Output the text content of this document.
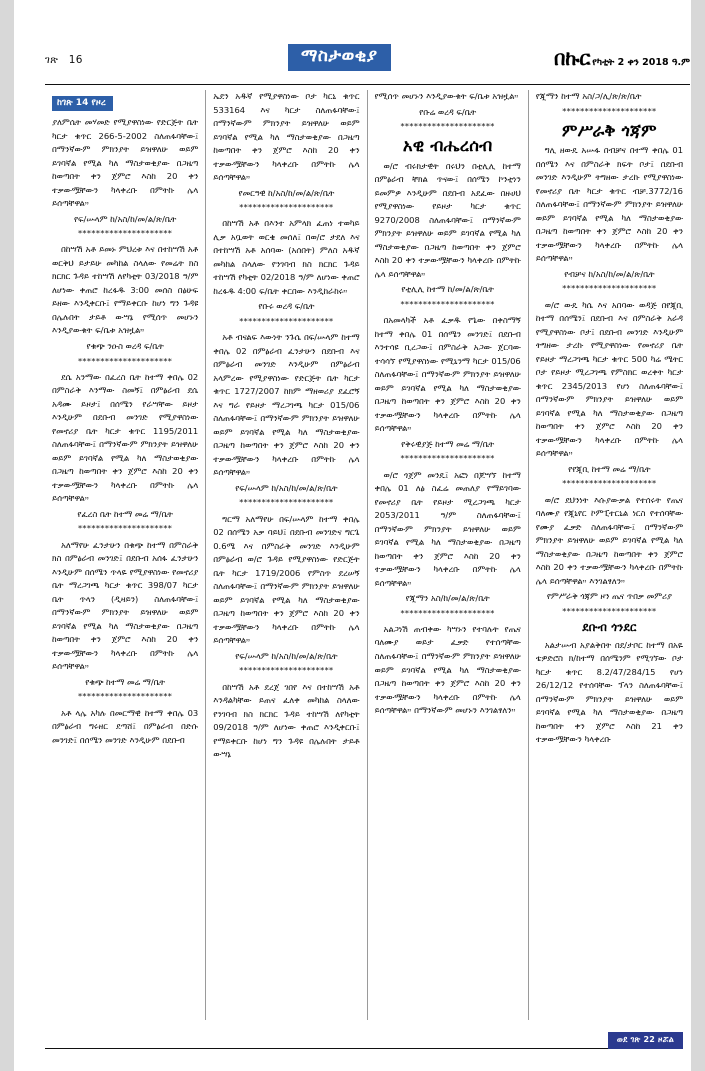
ገጽ 16	ማስታወቂያ	በኩር የካቲት 2 ቀን 2018 ዓ.ም
ከገጽ 14 የዞረ

ያለምሴት መሃመድ የሚያዋስነው የድርጅት ቤት ካርታ ቁጥር 266-5-2002 ስለጠፋባቸው፤ በማንኛውም ምክንያት ይዝዋለሁ ወይም ይገባኛል የሚል ካለ ማስታወቂያው በጋዜጣ ከወጣበት ቀን ጀምሮ እስከ 20 ቀን ተቃውሟቸውን ካላቀረቡ በምትኩ ሌላ ይሰጣቸዋል።

የፍ/ሡላም ከ/አስ/ከ/መ/ል/ጽ/ቤት

*********************

በከሣሽ አቶ ይመኑ ምህረቱ እና በተከሣሽ አቶ ወርቅህ ይታይሁ መካከል ስላለው የመሬት ክስ ክርክር ጉዳይ ተከሣሽ ለየካቲት 03/2018 ዓ/ም ለሆነው ቀጠሮ ከረፋዱ 3:00 መሰስ በፅሁፍ ይዘው እንዲቀርቡ፤ የማይቀርቡ ከሆነ ግን ጉዳዩ በሌሉበት ታይቶ ውሣኔ የሚሰጥ መሆኑን እንዲያውቁት ፍ/ቤቱ አዝዟል።

የቁጭ ንዑስ ወረዳ ፍ/ቤት

*********************

ደሴ አንማው በፈረስ ቤት ከተማ ቀበሌ 02 በምስራቅ እንማው ስመኝ፤ በምፅራብ ደሴ አዳሙ ይዞታ፤ በሰሜን የራሣቸው ይዞታ እንዲሁም በደቡብ መንገድ የሚያዋስነው የመኖሪያ ቤት ካርታ ቁጥር 1195/2011 ስለጠፋባቸው፤ በማንኛውም ምክንያት ይዝዋለሁ ወይም ይገባኛል የሚል ካለ ማስታወቂያው በጋዜጣ ከወጣበት ቀን ጀምሮ እስከ 20 ቀን ተቃውሟቸውን ካላቀረቡ በምትኩ ሌላ ይሰጣቸዋል።

የፈረስ ቤት ከተማ መሬ ማ/ቤት

*********************

አለማየሁ ፈንታሁን በቁጭ ከተማ በምስራቅ ክስ በምፅራብ መንገድ፤ በደቡብ አሰፋ ፈንታሁን እንዲሁም በሰሜን ጥላዬ የሚያዋስነው የመኖሪያ ቤት ማረጋገጫ ካርታ ቁጥር 398/07 ካርታ ቤት ጥላን (ዲዛይን) ስለጠፋባቸው፤ በማንኛውም ምክንያት ይዝዋለሁ ወይም ይገባኛል የሚል ካለ ማስታወቂያው በጋዜጣ ከወጣበት ቀን ጀምሮ እስከ 20 ቀን ተቃውሟቸውን ካላቀረቡ በምትኩ ሌላ ይሰጣቸዋል።

የቁጭ ከተማ መሬ ማ/ቤት

*********************

አቶ ላሌ አካሉ በመርማዊ ከተማ ቀበሌ 03 በምፅራብ ግሩዘር ደጣሸ፤ በምፅራብ በድሱ መንገድ፤ በሰሜን መንገድ እንዲሁም በደቡብ

ኤደን አዱኛ የሚያዋስነው ቦታ ካርኒ ቁጥር 533164 እና ካርታ ስለጠፋባቸው፤ በማንኛውም ምክንያት ይዝዋለሁ ወይም ይገባኛል የሚል ካለ ማስታወቂያው በጋዜጣ ከወጣበት ቀን ጀምሮ እስከ 20 ቀን ተቃውሟቸውን ካላቀረቡ በምትኩ ሌላ ይሰጣቸዋል።

የመርዓዊ ከ/አስ/ከ/መ/ል/ጽ/ቤት

*********************

በከሣሽ አቶ በእንተ አምላክ ፈጠነ ተወካይ ሊቃ አቧወት ወርቄ መሰለ፤ በወ/ሮ ታደለ እና በተከሣሽ አቶ አሰባው (አሰበት) ምለስ አዱኛ መካከል ስላለው የንገባብ ክስ ክርክር ጉዳይ ተከሣሽ የካቲት 02/2018 ዓ/ም ለሆነው ቀጠሮ ከረፋዱ 4:00 ፍ/ቤት ቀርበው እንዲከራከሩ።

የቡሩ ወረዳ ፍ/ቤት

*********************

አቶ ብናልፍ እውነት ንጉሴ በፍ/ሡላም ከተማ ቀበሌ 02 በምፅራብ ፈንታሁን በደቡብ እና በምፅራብ መንገድ እንዲሁም በምፅራብ አላምረው የሚያዋስነው የድርጅት ቤት ካርታ ቁጥር 1727/2007 ከክም ማዘወሪያ ደፈሮኝ እና ግራ የይዞታ ማረጋገጫ ካርታ 015/06 ስለጠፋባቸው፤ በማንኛውም ምክንያት ይዝዋለሁ ወይም ይገባኛል የሚል ካለ ማስታወቂያው በጋዜጣ ከወጣበት ቀን ጀምሮ እስከ 20 ቀን ተቃውሟቸውን ካላቀረቡ በምትኩ ሌላ ይሰጣቸዋል።

የፍ/ሡላም ከ/አስ/ከ/መ/ል/ጽ/ቤት

*********************

ግርማ አለማየሁ በፍ/ሡላም ከተማ ቀበሌ 02 በሰሜን አቃ ባይህ፤ በደቡብ መንገድና ግርጌ 0.6ሜ እና በምስራቅ መንገድ እንዲሁም በምፅራብ ወ/ሮ ጉዳይ የሚያዋስነው የድርጅት ቤት ካርታ 1719/2006 የምስጥ ደረሠኝ ስለጠፋባቸው፤ በማንኛውም ምክንያት ይዝዋለሁ ወይም ይገባኛል የሚል ካለ ማስታወቂያው በጋዜጣ ከወጣበት ቀን ጀምሮ እስከ 20 ቀን ተቃውሟቸውን ካላቀረቡ በምትኩ ሌላ ይሰጣቸዋል።

የፍ/ሡላም ከ/አስ/ከ/መ/ል/ጽ/ቤት

*********************

በከሣሽ አቶ ደረጀ ገበየ እና በተከሣሽ አቶ እንዳልካቸው ይጠና ፈለቀ መካከል ስላለው የንገባብ ክስ ክርክር ጉዳይ ተከሣሽ ለየካቲት 09/2018 ዓ/ም ለሆነው ቀጠሮ እንዲቀርቡ፤ የማይቀርቡ ከሆነ ግን ጉዳዩ በሌሉበት ታይቶ ውሣኔ

የሚሰጥ መሆኑን እንዲያውቁት ፍ/ቤቱ አዝዟል።

የቡሬ ወረዳ ፍ/ቤት

*********************
አዊ ብሔረሰብ

ወ/ሮ ብሩክታዊት በሩህን በቲሊሊ ከተማ በምፅራብ ቸክል ጥናው፤ በሰሜን ኮንቲነን ይመምዎ እንዲሁም በደቡብ አደፈው በዙሀህ የሚያዋስነው የይዞታ ካርታ ቁጥር 9270/2008 ስለጠፋባቸው፤ በማንኛውም ምክንያት ይዝዋለሁ ወይም ይገባኛል የሚል ካለ ማስታወቂያው በጋዜጣ ከወጣበት ቀን ጀምሮ እስከ 20 ቀን ተቃውሟቸውን ካላቀረቡ በምትኩ ሌላ ይሰጣቸዋል።

የቲሊሊ ከተማ ከ/መ/ል/ጽ/ቤት

*********************

በአመላካች አቶ ፈቃዱ የጌው በቀስማኝ ከተማ ቀበሌ 01 በሰሜን መንገድ፤ በደቡብ እንተሳዩ ቢረጋው፤ በምስራቅ አጋው ጀርባው ተሳሳኘ የሚያዋስነው የሚኒንማ ካርታ 015/06 ስለጠፋባቸው፤ በማንኛውም ምክንያት ይዝዋለሁ ወይም ይገባኛል የሚል ካለ ማስታወቂያው በጋዜጣ ከወጣበት ቀን ጀምሮ እስከ 20 ቀን ተቃውሟቸውን ካላቀረቡ በምትኩ ሌላ ይሰጣቸዋል።

የቅሩዊያጅ ከተማ መሬ ማ/ቤት

*********************

ወ/ሮ ጎጀም መንዴ፤ አፎነ በጆሣኘ ከተማ ቀበሌ 01 ለፅ ስፈሬ መጠለያ የማይገባው የመኖሪያ ቤት የይዞታ ሚረጋገጫ ካርታ 2053/2011 ዓ/ም ስለጠፋባቸው፤ በማንኛውም ምክንያት ይዝዋለሁ ወይም ይገባኛል የሚል ካለ ማስታወቂያው በጋዜጣ ከወጣበት ቀን ጀምሮ እስከ 20 ቀን ተቃውሟቸውን ካላቀረቡ በምትኩ ሌላ ይሰጣቸዋል።

የጂማን አስ/ከ/መ/ል/ጽ/ቤት

*********************

አልጋነሽ ጠብቀው ካሣኑን የተባሉት የጤና ባለሙያ ወይታ ፈቃድ የተሰጣቸው ስለጠፋባቸው፤ በማንኛውም ምክንያት ይዝዋለሁ ወይም ይገባኛል የሚል ካለ ማስታወቂያው በጋዜጣ ከወጣበት ቀን ጀምሮ እስከ 20 ቀን ተቃውሟቸውን ካላቀረቡ በምትኩ ሌላ ይሰጣቸዋል። በማንኛውም መሆኑን እንገልፃለን።

የጂማን ከተማ አስ/ጋ/ሊ/ጽ/ጽ/ቤት

*********************
ምሥራቅ ጎጃም

ግሊ ዘውዴ አሡፋ በብቻና በተማ ቀበሌ 01 በሰሜን እና በምስራቅ ክፍት ቦታ፤ በደቡብ መንገድ እንዲሁም ትግዘው ታረኩ የሚያዋስነው የመኖሪያ ቤት ካርታ ቁጥር ብቻ.3772/16 ስለጠፋባቸው፤ በማንኛውም ምክንያት ይዝዋለሁ ወይም ይገባኛል የሚል ካለ ማስታወቂያው በጋዜጣ ከወጣበት ቀን ጀምሮ እስከ 20 ቀን ተቃውሟቸውን ካላቀረቡ በምትኩ ሌላ ይሰጣቸዋል።

የብቻና ከ/አስ/ከ/መ/ል/ጽ/ቤት

*********************

ወ/ሮ ውዴ ካሴ እና አበባው ወዳጅ በየጂቢ ከተማ በሰሜን፤ በደቡብ እና በምስራቅ አራዳ የሚያዋስነው ቦታ፤ በደቡብ መንገድ እንዲሁም ትግዘው ታረኩ የሚያዋስነው የመኖሪያ ቤት የይዞታ ማረጋገጫ ካርታ ቁጥር 500 ካሬ ሜትር ቦታ የይዞታ ሚረጋገጫ የምስክር ወረቀት ካርታ ቁጥር 2345/2013 የሆነ ስለጠፋባቸው፤ በማንኛውም ምክንያት ይዝዋለሁ ወይም ይገባኛል የሚል ካለ ማስታወቂያው በጋዜጣ ከወጣበት ቀን ጀምሮ እስከ 20 ቀን ተቃውሟቸውን ካላቀረቡ በምትኩ ሌላ ይሰጣቸዋል።

የየጂቢ ከተማ መሬ ማ/ቤት

*********************

ወ/ሮ ደህንነት እሱያውቃል የተሰሩት የጤና ባለሙያ የጂኒየር ኮምፒተርኒል ነርስ የተሰባቸው የሙያ ፈቃድ ስለጠፋባቸው፤ በማንኛውም ምክንያት ይዝዋለሁ ወይም ይገባኛል የሚል ካለ ማስታወቂያው በጋዜጣ ከወጣበት ቀን ጀምሮ እስከ 20 ቀን ተቃውሟቸውን ካላቀረቡ በምትኩ ሌላ ይሰጣቸዋል። እንገልፃለን።

የምሥራቅ ጎጃም ዞን ጤና ጥበቃ መምሪያ

*********************
ደቡብ ጎንደር

አልታሡብ አያልቅበት በደ/ታቦር ከተማ በአዬ ቴዎድሮስ ክ/ከተማ በሰሜንም የሚገኘው ቦታ ካርታ ቁጥር 8.2/47/284/15 የሆነ 26/12/12 የተሰባቸው ፕላን ስለጠፋባቸው፤ በማንኛውም ምክንያት ይዝዋለሁ ወይም ይገባኛል የሚል ካለ ማስታወቂያው በጋዜጣ ከወጣበት ቀን ጀምሮ እስከ 21 ቀን ተቃውሟቸውን ካላቀረቡ

ወደ ገጽ 22 ዞሯል
